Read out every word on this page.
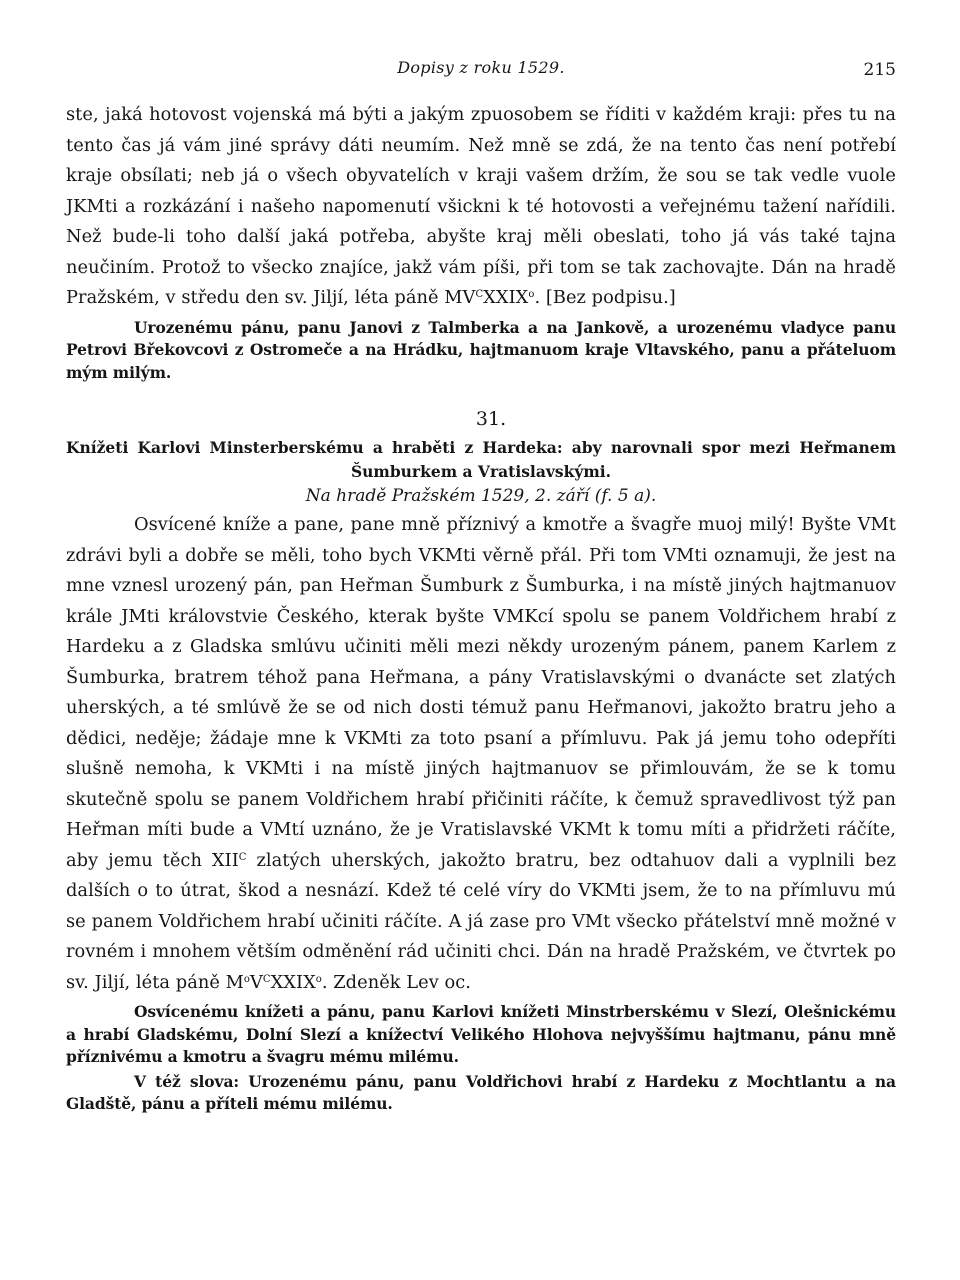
Dopisy z roku 1529.	215

ste, jaká hotovost vojenská má býti a jakým zpuosobem se říditi v každém kraji: přes tu na tento čas já vám jiné správy dáti neumím. Než mně se zdá, že na tento čas není potřebí kraje obsílati; neb já o všech obyvatelích v kraji vašem držím, že sou se tak vedle vuole JKMti a rozkázání i našeho napomenutí všickni k té hotovosti a veřejnému tažení nařídili. Než bude-li toho další jaká potřeba, abyšte kraj měli obeslati, toho já vás také tajna neučiním. Protož to všecko znajíce, jakž vám píši, při tom se tak zachovajte. Dán na hradě Pražském, v středu den sv. Jiljí, léta páně $MV^CXXIX^o$. [Bez podpisu.]

Urozenému pánu, panu Janovi z Talmberka a na Jankově, a urozenému vladyce panu Petrovi Břekovcovi z Ostromeče a na Hrádku, hajtmanuom kraje Vltavského, panu a přáteluom mým milým.

31.

Knížeti Karlovi Minsterberskému a hraběti z Hardeka: aby narovnali spor mezi Heřmanem Šumburkem a Vratislavskými.

Na hradě Pražském 1529, 2. září (f. 5 a).

Osvícené kníže a pane, pane mně příznivý a kmotře a švagře muoj milý! Byšte VMt zdrávi byli a dobře se měli, toho bych VKMti věrně přál. Při tom VMti oznamuji, že jest na mne vznesl urozený pán, pan Heřman Šumburk z Šumburka, i na místě jiných hajtmanuov krále JMti královstvie Českého, kterak byšte VMKcí spolu se panem Voldřichem hrabí z Hardeku a z Gladska smlúvu učiniti měli mezi někdy urozeným pánem, panem Karlem z Šumburka, bratrem téhož pana Heřmana, a pány Vratislavskými o dvanácte set zlatých uherských, a té smlúvě že se od nich dosti témuž panu Heřmanovi, jakožto bratru jeho a dědici, neděje; žádaje mne k VKMti za toto psaní a přímluvu. Pak já jemu toho odepříti slušně nemoha, k VKMti i na místě jiných hajtmanuov se přimlouvám, že se k tomu skutečně spolu se panem Voldřichem hrabí přičiniti ráčíte, k čemuž spravedlivost týž pan Heřman míti bude a VMtí uznáno, že je Vratislavské VKMt k tomu míti a přidržeti ráčíte, aby jemu těch $XII^C$ zlatých uherských, jakožto bratru, bez odtahuov dali a vyplnili bez dalších o to útrat, škod a nesnází. Kdež té celé víry do VKMti jsem, že to na přímluvu mú se panem Voldřichem hrabí učiniti ráčíte. A já zase pro VMt všecko přátelství mně možné v rovném i mnohem větším odměnění rád učiniti chci. Dán na hradě Pražském, ve čtvrtek po sv. Jiljí, léta páně $M^oV^CXXIX^o$. Zdeněk Lev oc.

Osvícenému knížeti a pánu, panu Karlovi knížeti Minstrberskému v Slezí, Olešnickému a hrabí Gladskému, Dolní Slezí a knížectví Velikého Hlohova nejvyššímu hajtmanu, pánu mně příznivému a kmotru a švagru mému milému.

V též slova: Urozenému pánu, panu Voldřichovi hrabí z Hardeku z Mochtlantu a na Gladště, pánu a příteli mému milému.
